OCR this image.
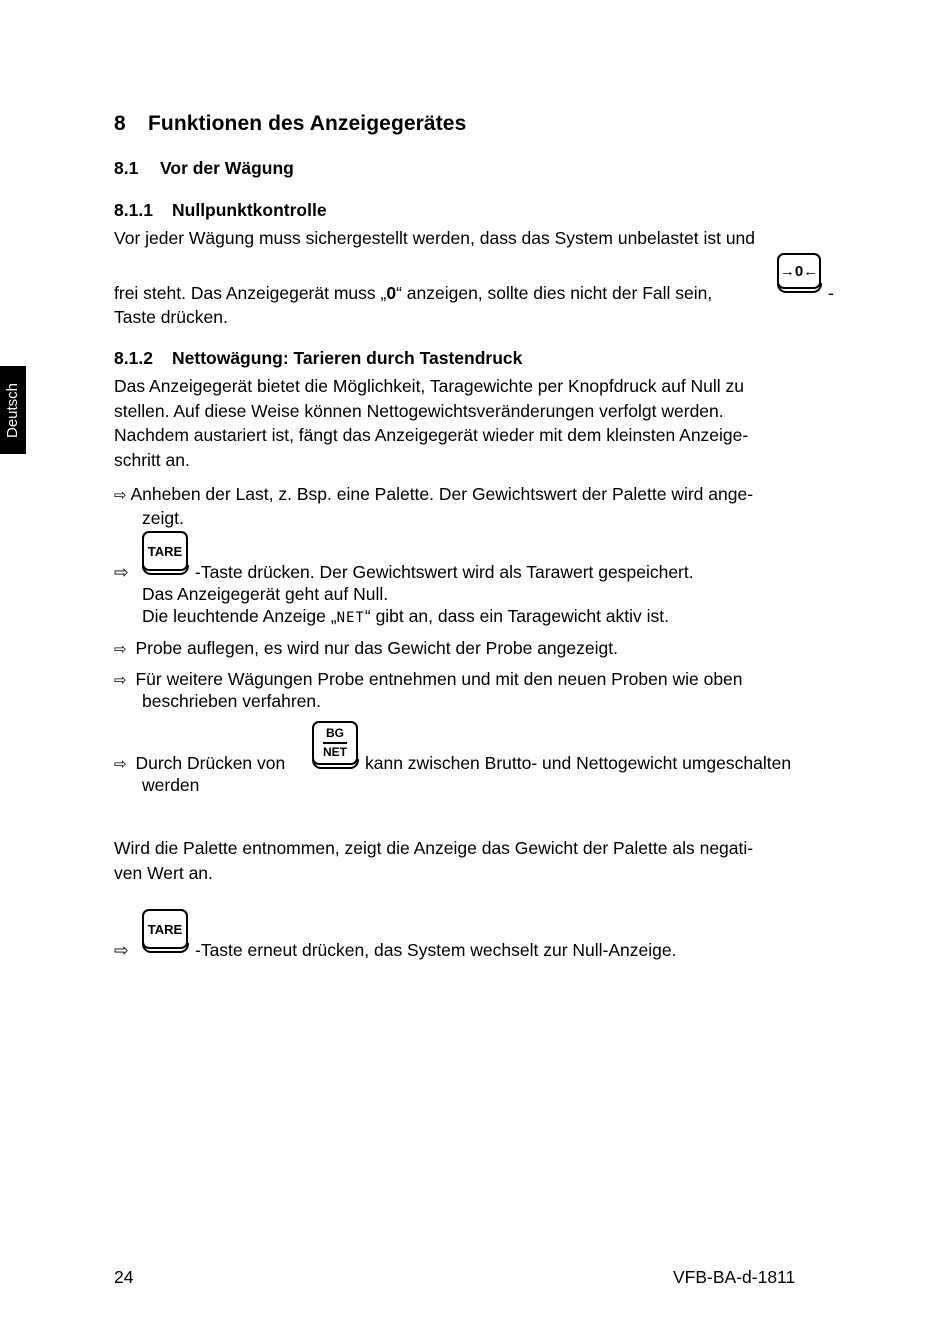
Deutsch
8 Funktionen des Anzeigegerätes
8.1 Vor der Wägung
8.1.1 Nullpunktkontrolle
Vor jeder Wägung muss sichergestellt werden, dass das System unbelastet ist und
frei steht. Das Anzeigegerät muss „0“ anzeigen, sollte dies nicht der Fall sein,
→0←
-
Taste drücken.
8.1.2 Nettowägung: Tarieren durch Tastendruck
Das Anzeigegerät bietet die Möglichkeit, Taragewichte per Knopfdruck auf Null zu
stellen. Auf diese Weise können Nettogewichtsveränderungen verfolgt werden.
Nachdem austariert ist, fängt das Anzeigegerät wieder mit dem kleinsten Anzeige-
schritt an.
⇨ Anheben der Last, z. Bsp. eine Palette. Der Gewichtswert der Palette wird ange-
zeigt.
⇨
TARE
-Taste drücken. Der Gewichtswert wird als Tarawert gespeichert.
Das Anzeigegerät geht auf Null.
Die leuchtende Anzeige „NET“ gibt an, dass ein Taragewicht aktiv ist.
⇨ Probe auflegen, es wird nur das Gewicht der Probe angezeigt.
⇨ Für weitere Wägungen Probe entnehmen und mit den neuen Proben wie oben
beschrieben verfahren.
⇨ Durch Drücken von
BG
NET
kann zwischen Brutto- und Nettogewicht umgeschalten
werden
Wird die Palette entnommen, zeigt die Anzeige das Gewicht der Palette als negati-
ven Wert an.
⇨
TARE
-Taste erneut drücken, das System wechselt zur Null-Anzeige.
24	VFB-BA-d-1811
